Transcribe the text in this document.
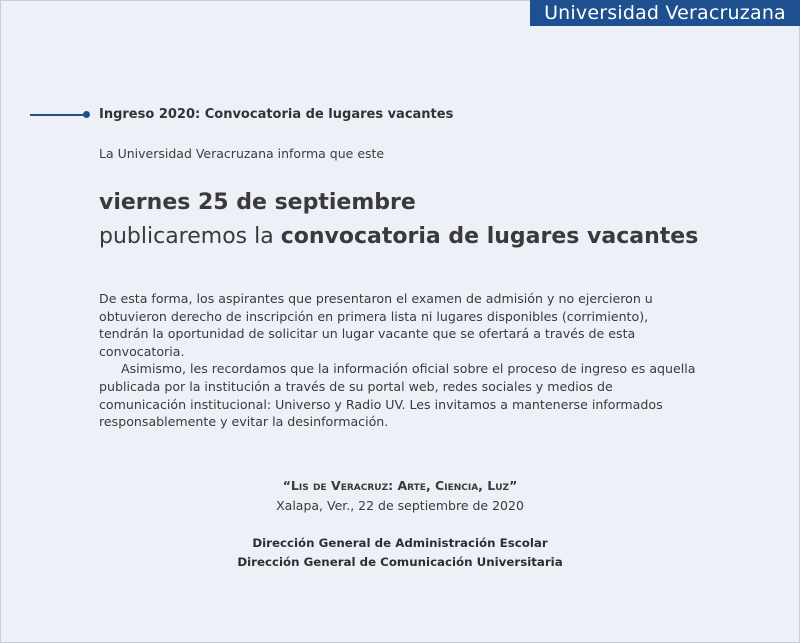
Universidad Veracruzana
Ingreso 2020: Convocatoria de lugares vacantes
La Universidad Veracruzana informa que este
viernes 25 de septiembre
publicaremos la convocatoria de lugares vacantes

De esta forma, los aspirantes que presentaron el examen de admisión y no ejercieron u obtuvieron derecho de inscripción en primera lista ni lugares disponibles (corrimiento), tendrán la oportunidad de solicitar un lugar vacante que se ofertará a través de esta convocatoria.

Asimismo, les recordamos que la información oficial sobre el proceso de ingreso es aquella publicada por la institución a través de su portal web, redes sociales y medios de comunicación institucional: Universo y Radio UV. Les invitamos a mantenerse informados responsablemente y evitar la desinformación.

“Lis de Veracruz: Arte, Ciencia, Luz”
Xalapa, Ver., 22 de septiembre de 2020
Dirección General de Administración Escolar
Dirección General de Comunicación Universitaria
